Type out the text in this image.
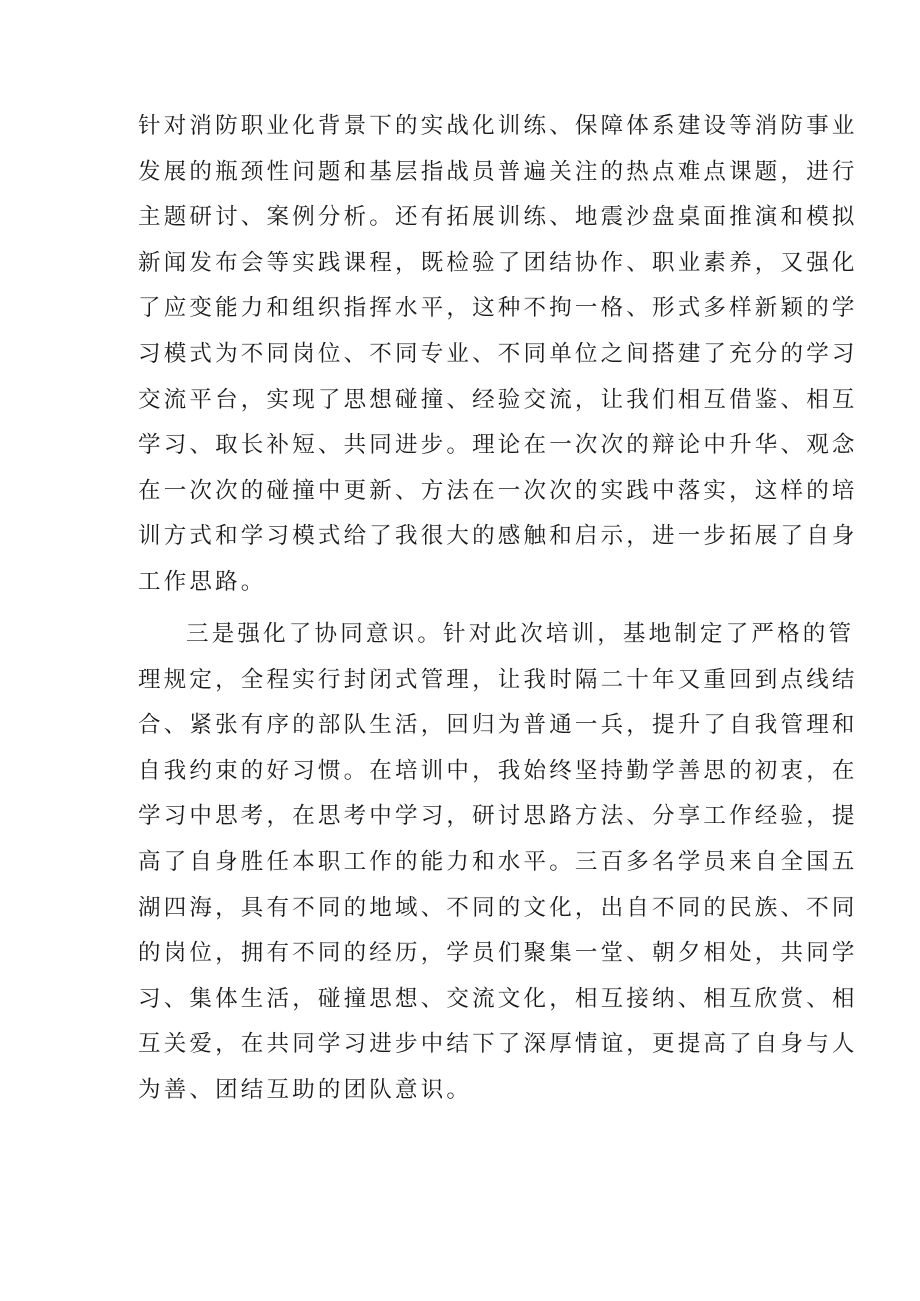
针对消防职业化背景下的实战化训练、保障体系建设等消防事业
发展的瓶颈性问题和基层指战员普遍关注的热点难点课题，进行
主题研讨、案例分析。还有拓展训练、地震沙盘桌面推演和模拟
新闻发布会等实践课程，既检验了团结协作、职业素养，又强化
了应变能力和组织指挥水平，这种不拘一格、形式多样新颖的学
习模式为不同岗位、不同专业、不同单位之间搭建了充分的学习
交流平台，实现了思想碰撞、经验交流，让我们相互借鉴、相互
学习、取长补短、共同进步。理论在一次次的辩论中升华、观念
在一次次的碰撞中更新、方法在一次次的实践中落实，这样的培
训方式和学习模式给了我很大的感触和启示，进一步拓展了自身
工作思路。
三是强化了协同意识。针对此次培训，基地制定了严格的管
理规定，全程实行封闭式管理，让我时隔二十年又重回到点线结
合、紧张有序的部队生活，回归为普通一兵，提升了自我管理和
自我约束的好习惯。在培训中，我始终坚持勤学善思的初衷，在
学习中思考，在思考中学习，研讨思路方法、分享工作经验，提
高了自身胜任本职工作的能力和水平。三百多名学员来自全国五
湖四海，具有不同的地域、不同的文化，出自不同的民族、不同
的岗位，拥有不同的经历，学员们聚集一堂、朝夕相处，共同学
习、集体生活，碰撞思想、交流文化，相互接纳、相互欣赏、相
互关爱，在共同学习进步中结下了深厚情谊，更提高了自身与人
为善、团结互助的团队意识。
